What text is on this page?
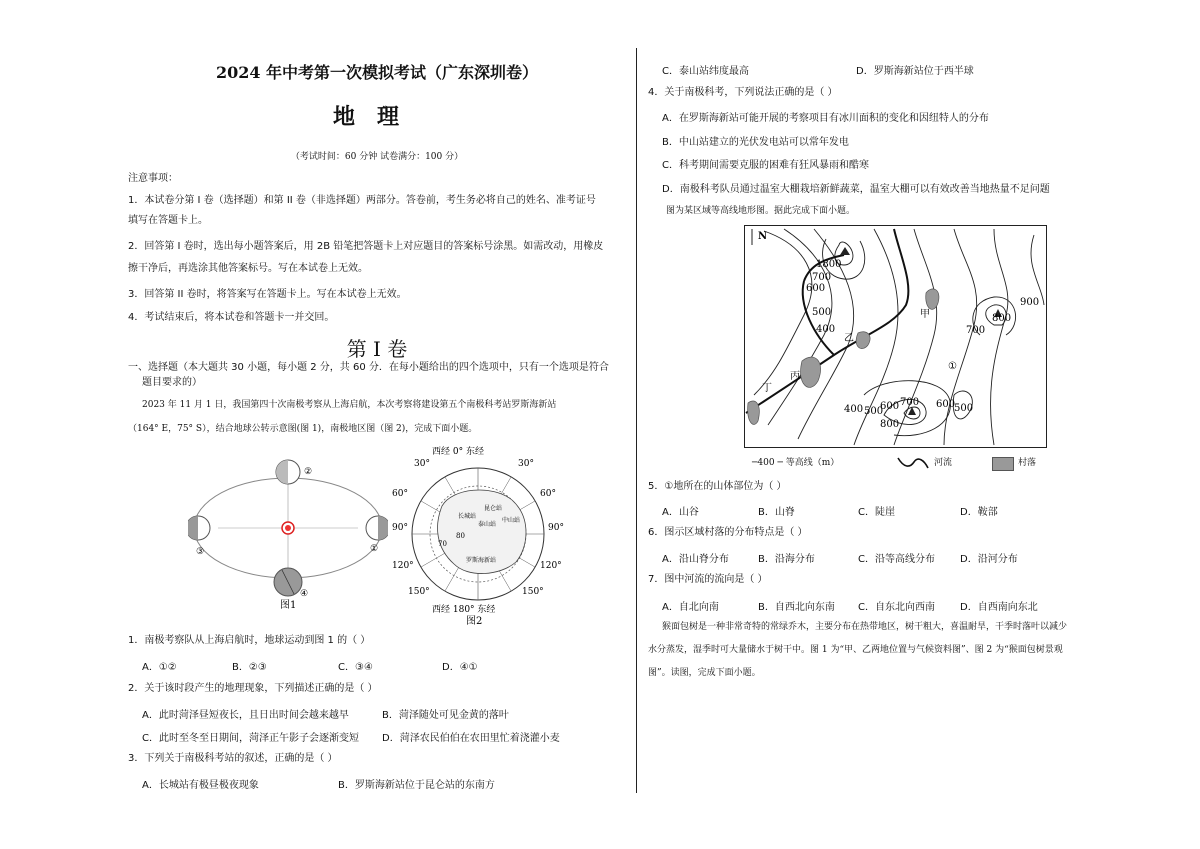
2024 年中考第一次模拟考试（广东深圳卷）
地理
（考试时间：60 分钟 试卷满分：100 分）
注意事项：
1．本试卷分第 I 卷（选择题）和第 II 卷（非选择题）两部分。答卷前，考生务必将自己的姓名、准考证号
填写在答题卡上。
2．回答第 I 卷时，选出每小题答案后，用 2B 铅笔把答题卡上对应题目的答案标号涂黑。如需改动，用橡皮
擦干净后，再选涂其他答案标号。写在本试卷上无效。
3．回答第 II 卷时，将答案写在答题卡上。写在本试卷上无效。
4．考试结束后，将本试卷和答题卡一并交回。
第 I 卷
一、选择题（本大题共 30 小题，每小题 2 分，共 60 分．在每小题给出的四个选项中，只有一个选项是符合
题目要求的）
2023 年 11 月 1 日，我国第四十次南极考察从上海启航，本次考察将建设第五个南极科考站罗斯海新站
（164° E，75° S），结合地球公转示意图(图 1)，南极地区图（图 2)，完成下面小题。
②
③	①
④
图1
西经 0° 东经
30°	30°
60°	60°
90°	90°
120°	120°
150°	150°
70
80
长城站
泰山站
中山站
昆仑站
罗斯海新站
西经 180° 东经
图2
1．南极考察队从上海启航时，地球运动到图 1 的（ ）
A．①②	B．②③	C．③④	D．④①
2．关于该时段产生的地理现象，下列描述正确的是（ ）
A．此时菏泽昼短夜长，且日出时间会越来越早	B．菏泽随处可见金黄的落叶
C．此时至冬至日期间，菏泽正午影子会逐渐变短 D．菏泽农民伯伯在农田里忙着浇灌小麦
3．下列关于南极科考站的叙述，正确的是（ ）
A．长城站有极昼极夜现象	B．罗斯海新站位于昆仑站的东南方
C．泰山站纬度最高	D．罗斯海新站位于西半球
4．关于南极科考，下列说法正确的是（ ）
A．在罗斯海新站可能开展的考察项目有冰川面积的变化和因纽特人的分布
B．中山站建立的光伏发电站可以常年发电
C．科考期间需要克服的困难有狂风暴雨和酷寒
D．南极科考队员通过温室大棚栽培新鲜蔬菜，温室大棚可以有效改善当地热量不足问题
图为某区域等高线地形图。据此完成下面小题。
N
1800
700
600
500
400
900
800
700
400 500
600 700
800
600
500
甲
乙
丙
丁
①
─400 ─ 等高线（m）	河流	村落
5．①地所在的山体部位为（ ）
A．山谷	B．山脊	C．陡崖	D．鞍部
6．图示区域村落的分布特点是（ ）
A．沿山脊分布	B．沿海分布	C．沿等高线分布	D．沿河分布
7．图中河流的流向是（ ）
A．自北向南	B．自西北向东南 C．自东北向西南	D．自西南向东北
猴面包树是一种非常奇特的常绿乔木，主要分布在热带地区，树干粗大，喜温耐旱，干季时落叶以减少
水分蒸发，湿季时可大量储水于树干中。图 1 为“甲、乙两地位置与气候资料图”、图 2 为“猴面包树景观
图”。读图，完成下面小题。
